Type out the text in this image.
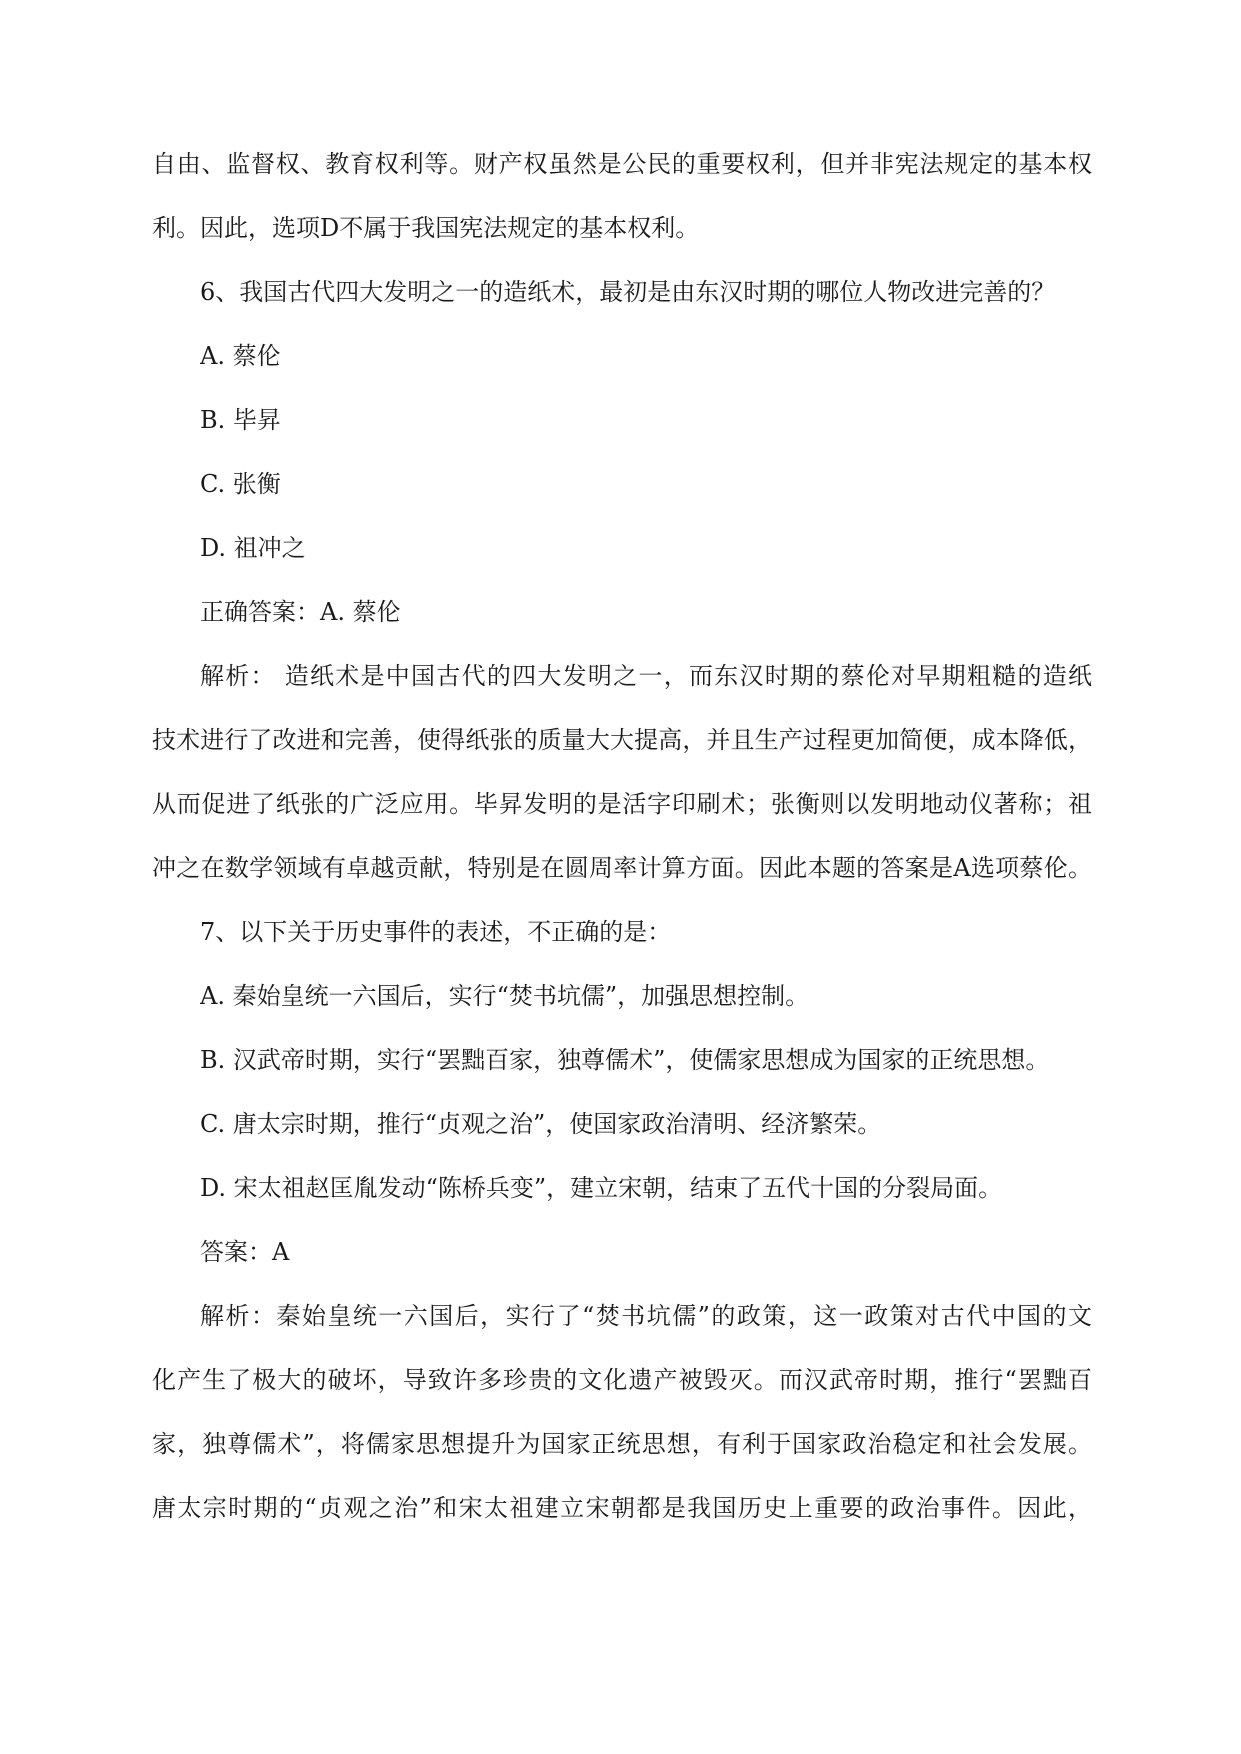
自由、监督权、教育权利等。财产权虽然是公民的重要权利，但并非宪法规定的基本权
利。因此，选项D不属于我国宪法规定的基本权利。
6、我国古代四大发明之一的造纸术，最初是由东汉时期的哪位人物改进完善的？
A. 蔡伦
B. 毕昇
C. 张衡
D. 祖冲之
正确答案：A. 蔡伦
解析： 造纸术是中国古代的四大发明之一，而东汉时期的蔡伦对早期粗糙的造纸
技术进行了改进和完善，使得纸张的质量大大提高，并且生产过程更加简便，成本降低，
从而促进了纸张的广泛应用。毕昇发明的是活字印刷术；张衡则以发明地动仪著称；祖
冲之在数学领域有卓越贡献，特别是在圆周率计算方面。因此本题的答案是A选项蔡伦。
7、以下关于历史事件的表述，不正确的是：
A. 秦始皇统一六国后，实行“焚书坑儒”，加强思想控制。
B. 汉武帝时期，实行“罢黜百家，独尊儒术”，使儒家思想成为国家的正统思想。
C. 唐太宗时期，推行“贞观之治”，使国家政治清明、经济繁荣。
D. 宋太祖赵匡胤发动“陈桥兵变”，建立宋朝，结束了五代十国的分裂局面。
答案：A
解析：秦始皇统一六国后，实行了“焚书坑儒”的政策，这一政策对古代中国的文
化产生了极大的破坏，导致许多珍贵的文化遗产被毁灭。而汉武帝时期，推行“罢黜百
家，独尊儒术”，将儒家思想提升为国家正统思想，有利于国家政治稳定和社会发展。
唐太宗时期的“贞观之治”和宋太祖建立宋朝都是我国历史上重要的政治事件。因此，
